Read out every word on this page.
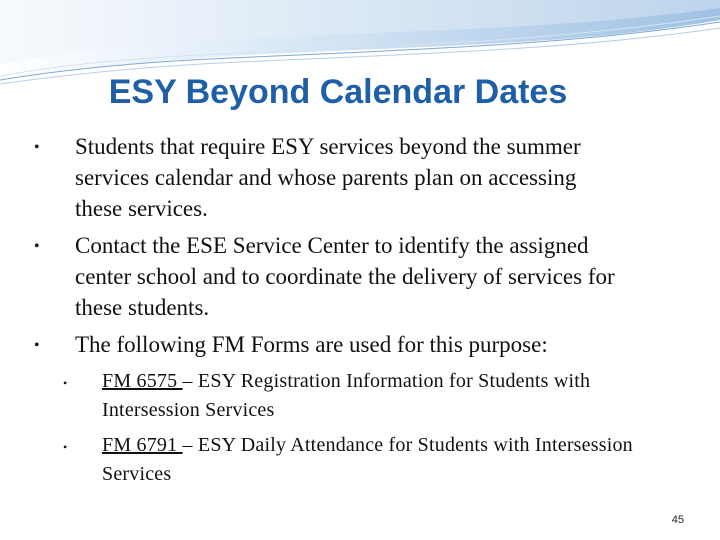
ESY Beyond Calendar Dates
• Students that require ESY services beyond the summer services calendar and whose parents plan on accessing these services.
• Contact the ESE Service Center to identify the assigned center school and to coordinate the delivery of services for these students.
• The following FM Forms are used for this purpose:
• FM 6575 – ESY Registration Information for Students with Intersession Services
• FM 6791 – ESY Daily Attendance for Students with Intersession Services
45
